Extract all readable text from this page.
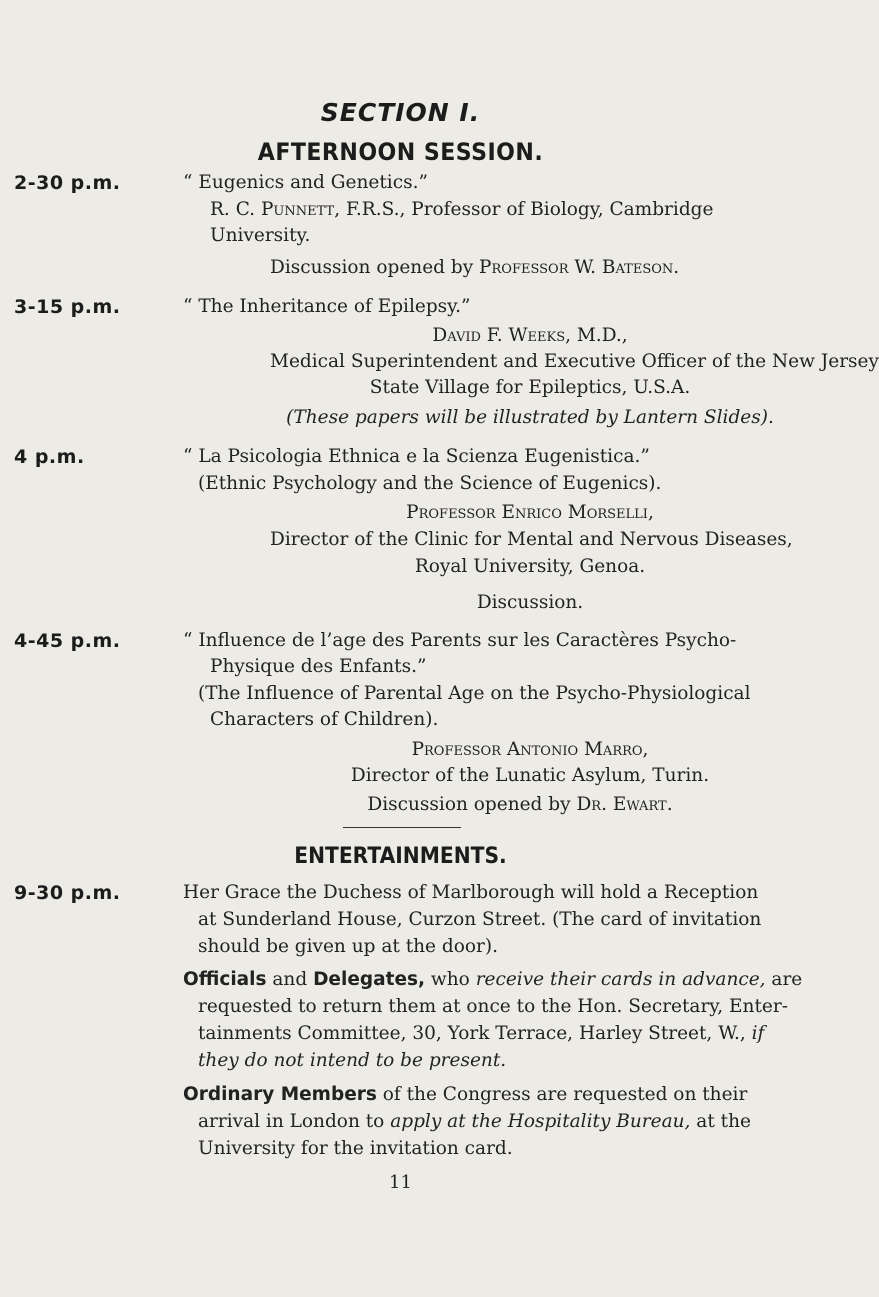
SECTION I.
AFTERNOON SESSION.
2-30 p.m.	“ Eugenics and Genetics.”
R. C. Punnett, F.R.S., Professor of Biology, Cambridge
University.
Discussion opened by Professor W. Bateson.
3-15 p.m.	“ The Inheritance of Epilepsy.”
David F. Weeks, M.D.,
Medical Superintendent and Executive Officer of the New Jersey
State Village for Epileptics, U.S.A.
(These papers will be illustrated by Lantern Slides).
4 p.m.	“ La Psicologia Ethnica e la Scienza Eugenistica.”
(Ethnic Psychology and the Science of Eugenics).
Professor Enrico Morselli,
Director of the Clinic for Mental and Nervous Diseases,
Royal University, Genoa.
Discussion.
4-45 p.m.	“ Influence de l’age des Parents sur les Caractères Psycho-
Physique des Enfants.”
(The Influence of Parental Age on the Psycho-Physiological
Characters of Children).
Professor Antonio Marro,
Director of the Lunatic Asylum, Turin.
Discussion opened by Dr. Ewart.
ENTERTAINMENTS.
9-30 p.m.	Her Grace the Duchess of Marlborough will hold a Reception
at Sunderland House, Curzon Street. (The card of invitation
should be given up at the door).
Officials and Delegates, who receive their cards in advance, are
requested to return them at once to the Hon. Secretary, Enter-
tainments Committee, 30, York Terrace, Harley Street, W., if
they do not intend to be present.
Ordinary Members of the Congress are requested on their
arrival in London to apply at the Hospitality Bureau, at the
University for the invitation card.
11
